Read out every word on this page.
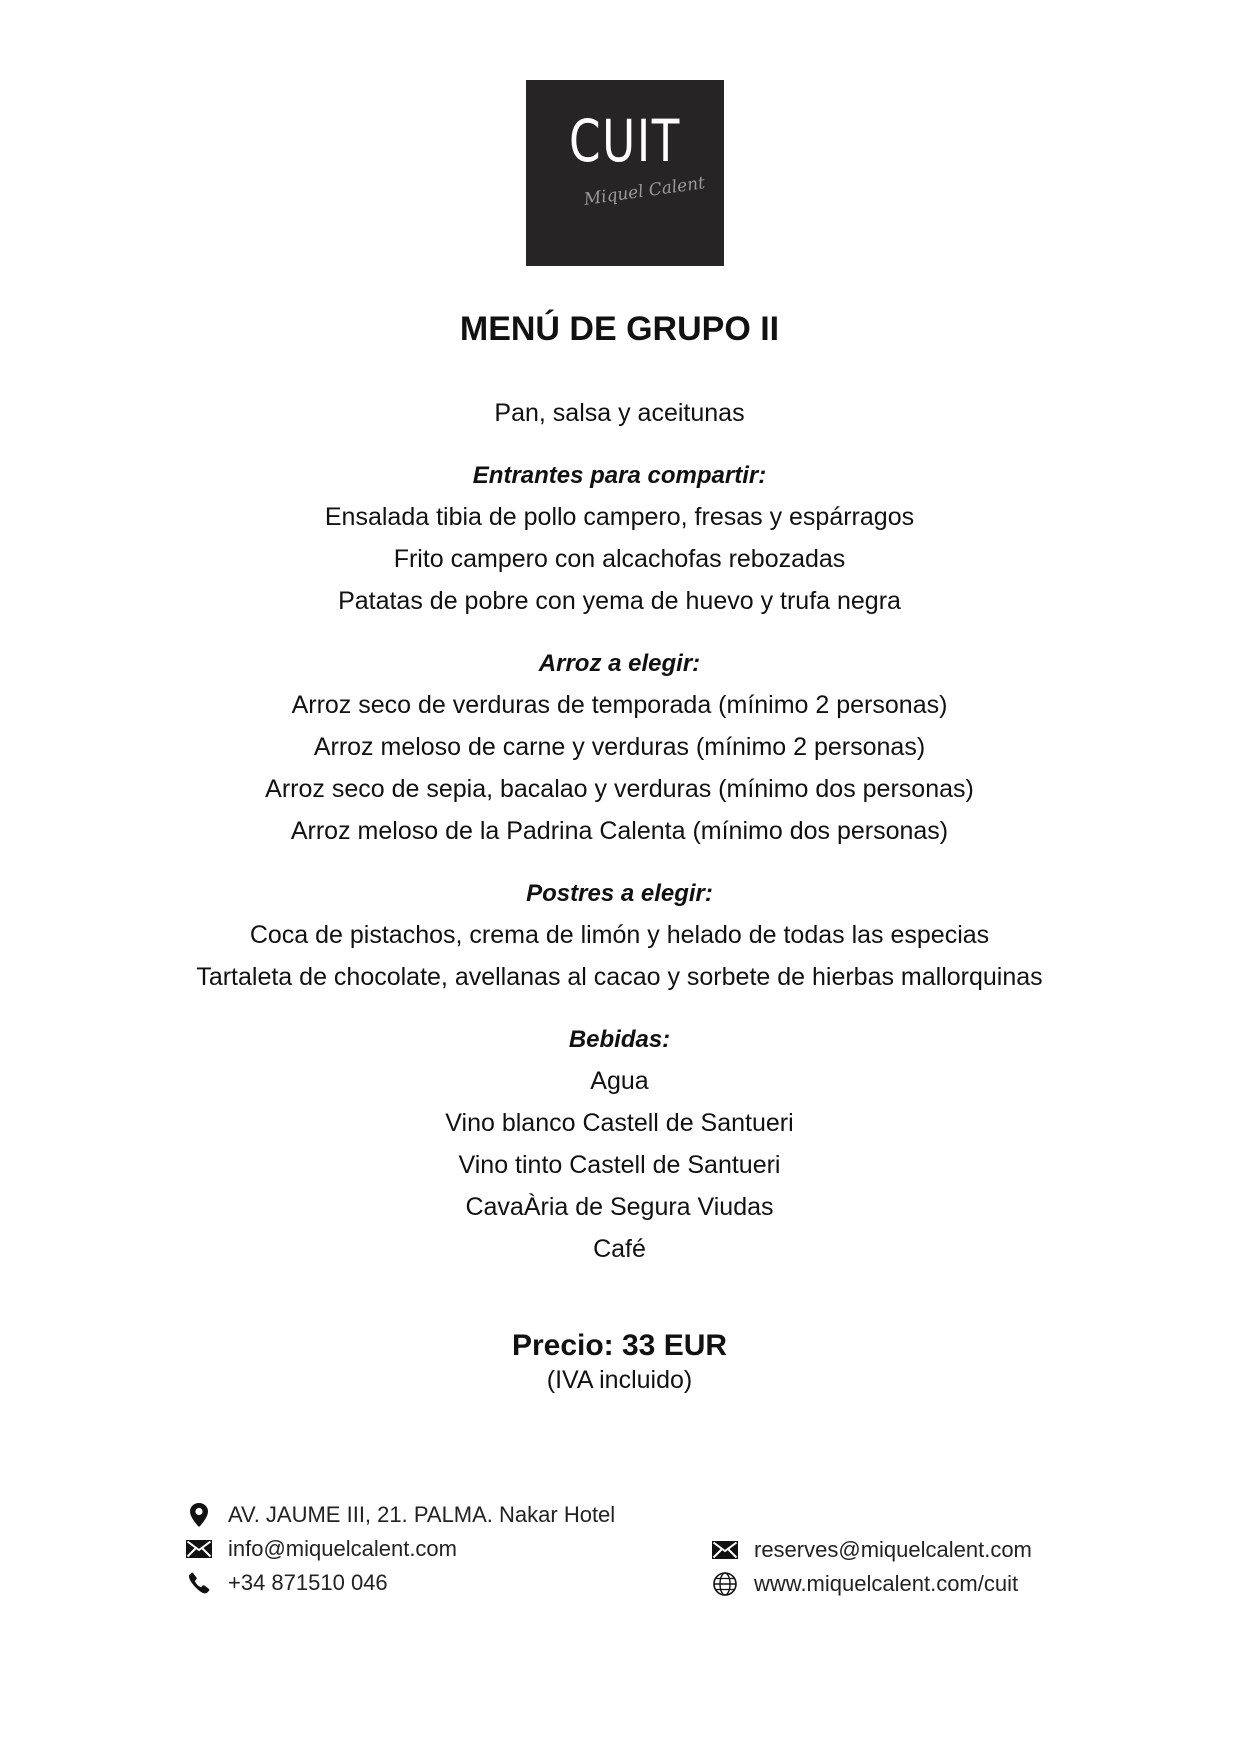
CUIT
Miquel Calent
MENÚ DE GRUPO II
Pan, salsa y aceitunas
Entrantes para compartir:
Ensalada tibia de pollo campero, fresas y espárragos
Frito campero con alcachofas rebozadas
Patatas de pobre con yema de huevo y trufa negra
Arroz a elegir:
Arroz seco de verduras de temporada (mínimo 2 personas)
Arroz meloso de carne y verduras (mínimo 2 personas)
Arroz seco de sepia, bacalao y verduras (mínimo dos personas)
Arroz meloso de la Padrina Calenta (mínimo dos personas)
Postres a elegir:
Coca de pistachos, crema de limón y helado de todas las especias
Tartaleta de chocolate, avellanas al cacao y sorbete de hierbas mallorquinas
Bebidas:
Agua
Vino blanco Castell de Santueri
Vino tinto Castell de Santueri
CavaÀria de Segura Viudas
Café
Precio: 33 EUR
(IVA incluido)
AV. JAUME III, 21. PALMA. Nakar Hotel
info@miquelcalent.com
+34 871510 046
reserves@miquelcalent.com
www.miquelcalent.com/cuit
